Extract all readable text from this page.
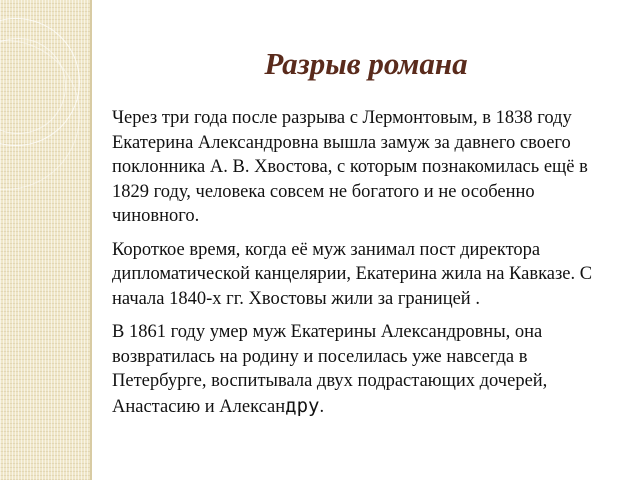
Разрыв романа

Через три года после разрыва с Лермонтовым, в 1838 году Екатерина Александровна вышла замуж за давнего своего поклонника А. В. Хвостова, с которым познакомилась ещё в 1829 году, человека совсем не богатого и не особенно чиновного.

Короткое время, когда её муж занимал пост директора дипломатической канцелярии, Екатерина жила на Кавказе. С начала 1840-х гг. Хвостовы жили за границей .

В 1861 году умер муж Екатерины Александровны, она возвратилась на родину и поселилась уже навсегда в Петербурге, воспитывала двух подрастающих дочерей, Анастасию и Александру.
